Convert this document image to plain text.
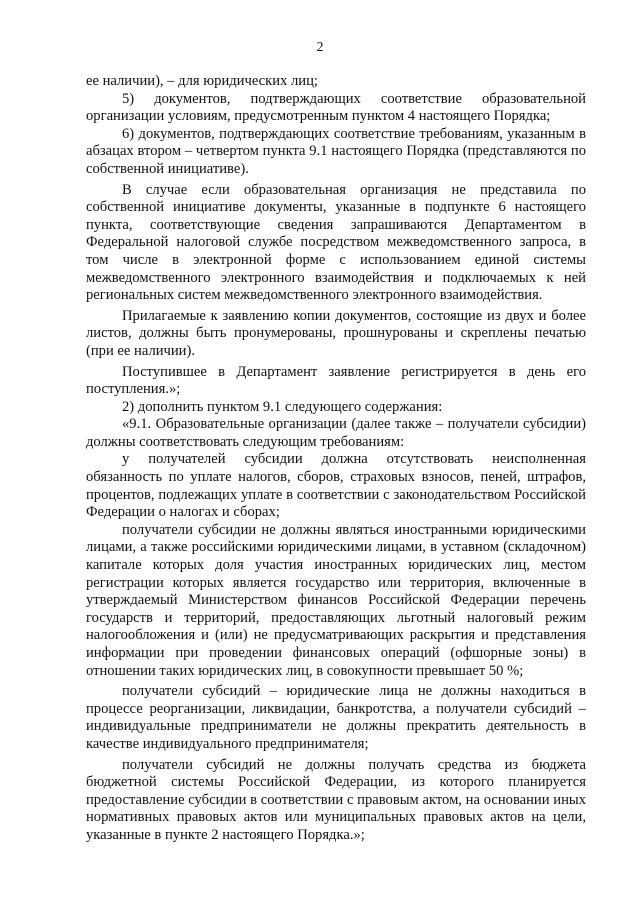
2

ее наличии), – для юридических лиц;

5) документов, подтверждающих соответствие образовательной организации условиям, предусмотренным пунктом 4 настоящего Порядка;

6) документов, подтверждающих соответствие требованиям, указанным в абзацах втором – четвертом пункта 9.1 настоящего Порядка (представляются по собственной инициативе).

В случае если образовательная организация не представила по собственной инициативе документы, указанные в подпункте 6 настоящего пункта, соответствующие сведения запрашиваются Департаментом в Федеральной налоговой службе посредством межведомственного запроса, в том числе в электронной форме с использованием единой системы межведомственного электронного взаимодействия и подключаемых к ней региональных систем межведомственного электронного взаимодействия.

Прилагаемые к заявлению копии документов, состоящие из двух и более листов, должны быть пронумерованы, прошнурованы и скреплены печатью (при ее наличии).

Поступившее в Департамент заявление регистрируется в день его поступления.»;

2) дополнить пунктом 9.1 следующего содержания:

«9.1. Образовательные организации (далее также – получатели субсидии) должны соответствовать следующим требованиям:

у получателей субсидии должна отсутствовать неисполненная обязанность по уплате налогов, сборов, страховых взносов, пеней, штрафов, процентов, подлежащих уплате в соответствии с законодательством Российской Федерации о налогах и сборах;

получатели субсидии не должны являться иностранными юридическими лицами, а также российскими юридическими лицами, в уставном (складочном) капитале которых доля участия иностранных юридических лиц, местом регистрации которых является государство или территория, включенные в утверждаемый Министерством финансов Российской Федерации перечень государств и территорий, предоставляющих льготный налоговый режим налогообложения и (или) не предусматривающих раскрытия и представления информации при проведении финансовых операций (офшорные зоны) в отношении таких юридических лиц, в совокупности превышает 50 %;

получатели субсидий – юридические лица не должны находиться в процессе реорганизации, ликвидации, банкротства, а получатели субсидий – индивидуальные предприниматели не должны прекратить деятельность в качестве индивидуального предпринимателя;

получатели субсидий не должны получать средства из бюджета бюджетной системы Российской Федерации, из которого планируется предоставление субсидии в соответствии с правовым актом, на основании иных нормативных правовых актов или муниципальных правовых актов на цели, указанные в пункте 2 настоящего Порядка.»;
